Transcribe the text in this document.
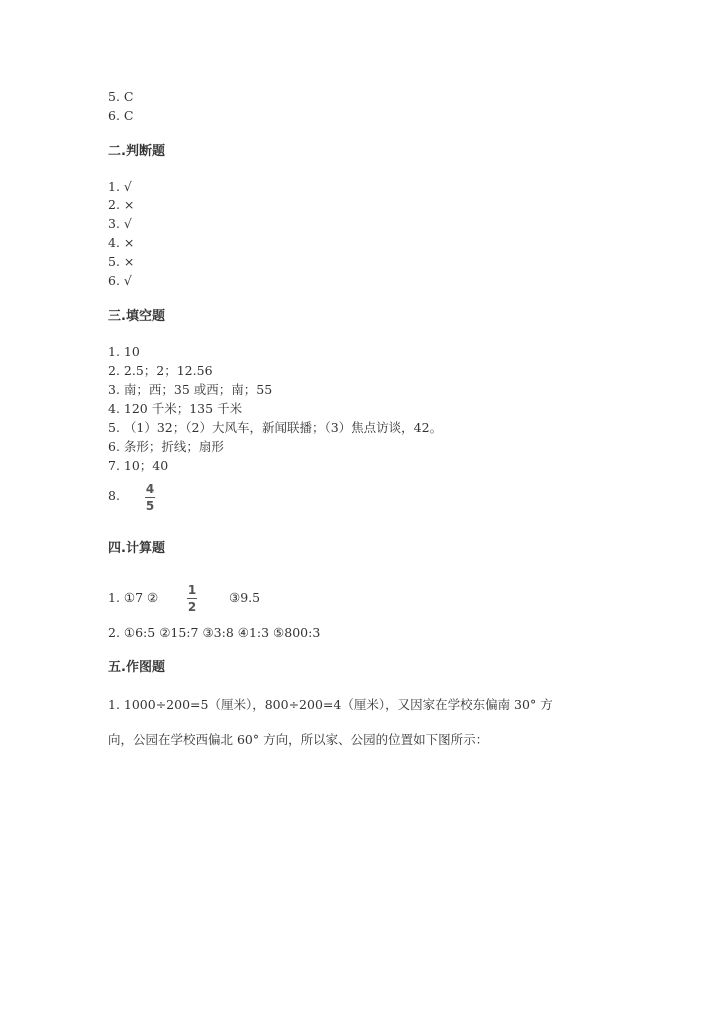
5. C
6. C
二.判断题
1. √
2. ×
3. √
4. ×
5. ×
6. √
三.填空题
1. 10
2. 2.5；2；12.56
3. 南；西；35 或西；南；55
4. 120 千米；135 千米
5. （1）32；（2）大风车，新闻联播；（3）焦点访谈，42。
6. 条形；折线；扇形
7. 10；40
8. 4
5
四.计算题
1. ①7 ② 1
2
③9.5
2. ①6:5 ②15:7 ③3:8 ④1:3 ⑤800:3
五.作图题
1. 1000÷200=5（厘米），800÷200=4（厘米），又因家在学校东偏南 30° 方
向，公园在学校西偏北 60° 方向，所以家、公园的位置如下图所示：
